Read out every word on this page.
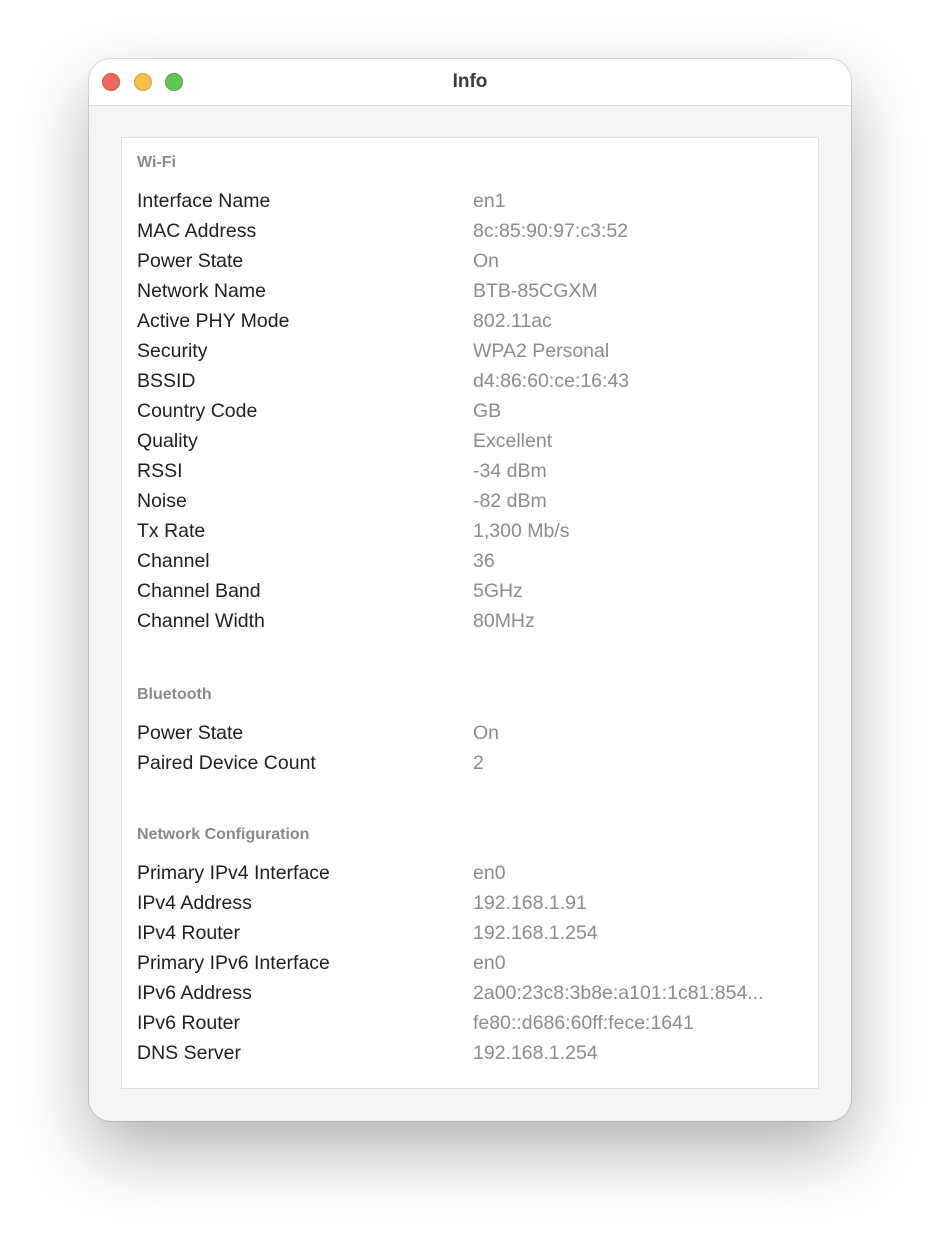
Info
Wi-Fi
Interface Name	en1
MAC Address	8c:85:90:97:c3:52
Power State	On
Network Name	BTB-85CGXM
Active PHY Mode	802.11ac
Security	WPA2 Personal
BSSID	d4:86:60:ce:16:43
Country Code	GB
Quality	Excellent
RSSI	-34 dBm
Noise	-82 dBm
Tx Rate	1,300 Mb/s
Channel	36
Channel Band	5GHz
Channel Width	80MHz
Bluetooth
Power State	On
Paired Device Count	2
Network Configuration
Primary IPv4 Interface	en0
IPv4 Address	192.168.1.91
IPv4 Router	192.168.1.254
Primary IPv6 Interface	en0
IPv6 Address	2a00:23c8:3b8e:a101:1c81:854...
IPv6 Router	fe80::d686:60ff:fece:1641
DNS Server	192.168.1.254
